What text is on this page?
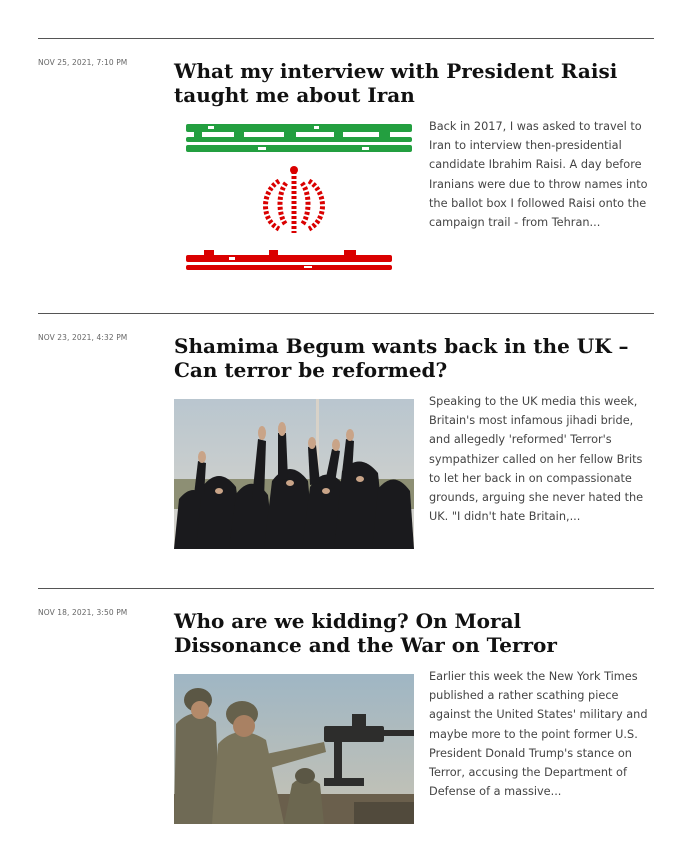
NOV 25, 2021, 7:10 PM What my interview with President Raisi taught me about Iran

Back in 2017, I was asked to travel to Iran to interview then-presidential candidate Ibrahim Raisi. A day before Iranians were due to throw names into the ballot box I followed Raisi onto the campaign trail - from Tehran...

NOV 23, 2021, 4:32 PM Shamima Begum wants back in the UK – Can terror be reformed?

Speaking to the UK media this week, Britain's most infamous jihadi bride, and allegedly 'reformed' Terror's sympathizer called on her fellow Brits to let her back in on compassionate grounds, arguing she never hated the UK. "I didn't hate Britain,...

NOV 18, 2021, 3:50 PM Who are we kidding? On Moral Dissonance and the War on Terror

Earlier this week the New York Times published a rather scathing piece against the United States' military and maybe more to the point former U.S. President Donald Trump's stance on Terror, accusing the Department of Defense of a massive...
